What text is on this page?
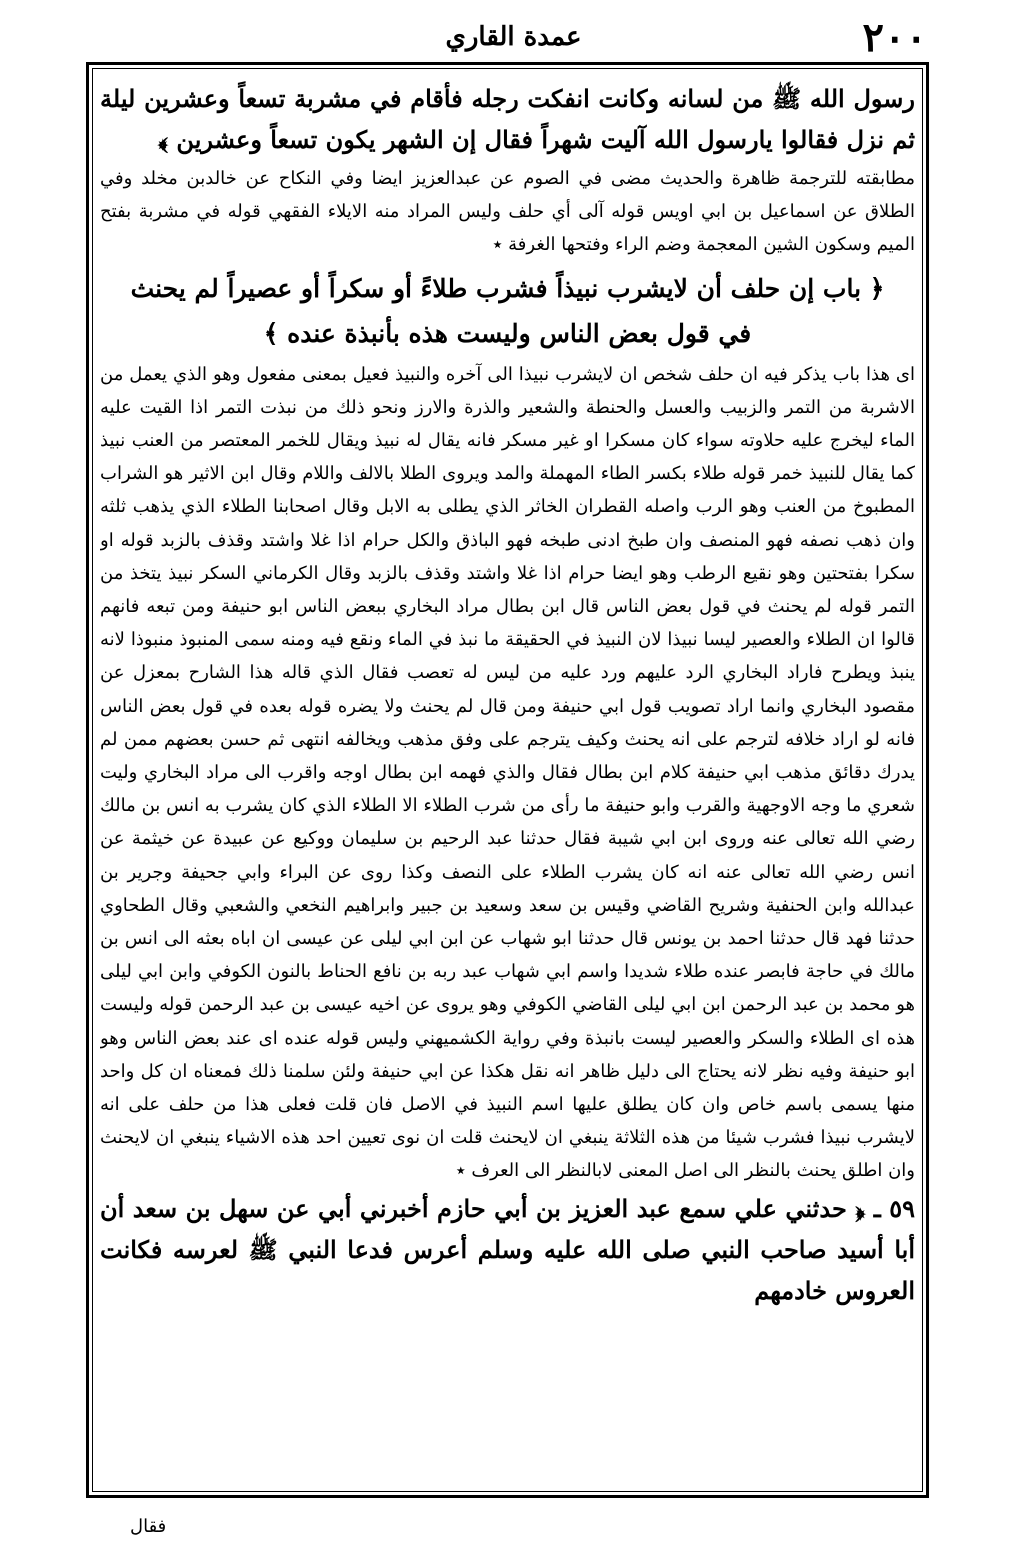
٢٠٠
عمدة القاري

رسول الله ﷺ من لسانه وكانت انفكت رجله فأقام في مشربة تسعاً وعشرين ليلة ثم نزل فقالوا يارسول الله آليت شهراً فقال إن الشهر يكون تسعاً وعشرين ﴾

مطابقته للترجمة ظاهرة والحديث مضى في الصوم عن عبدالعزيز ايضا وفي النكاح عن خالدبن مخلد وفي الطلاق عن اسماعيل بن ابي اويس قوله آلى أي حلف وليس المراد منه الايلاء الفقهي قوله في مشربة بفتح الميم وسكون الشين المعجمة وضم الراء وفتحها الغرفة ٭

﴿ باب إن حلف أن لايشرب نبيذاً فشرب طلاءً أو سكراً أو عصيراً لم يحنث
في قول بعض الناس وليست هذه بأنبذة عنده ﴾

اى هذا باب يذكر فيه ان حلف شخص ان لايشرب نبيذا الى آخره والنبيذ فعيل بمعنى مفعول وهو الذي يعمل من الاشربة من التمر والزبيب والعسل والحنطة والشعير والذرة والارز ونحو ذلك من نبذت التمر اذا القيت عليه الماء ليخرج عليه حلاوته سواء كان مسكرا او غير مسكر فانه يقال له نبيذ ويقال للخمر المعتصر من العنب نبيذ كما يقال للنبيذ خمر قوله طلاء بكسر الطاء المهملة والمد ويروى الطلا بالالف واللام وقال ابن الاثير هو الشراب المطبوخ من العنب وهو الرب واصله القطران الخاثر الذي يطلى به الابل وقال اصحابنا الطلاء الذي يذهب ثلثه وان ذهب نصفه فهو المنصف وان طبخ ادنى طبخه فهو الباذق والكل حرام اذا غلا واشتد وقذف بالزبد قوله او سكرا بفتحتين وهو نقيع الرطب وهو ايضا حرام اذا غلا واشتد وقذف بالزبد وقال الكرماني السكر نبيذ يتخذ من التمر قوله لم يحنث في قول بعض الناس قال ابن بطال مراد البخاري ببعض الناس ابو حنيفة ومن تبعه فانهم قالوا ان الطلاء والعصير ليسا نبيذا لان النبيذ في الحقيقة ما نبذ في الماء ونقع فيه ومنه سمى المنبوذ منبوذا لانه ينبذ ويطرح فاراد البخاري الرد عليهم ورد عليه من ليس له تعصب فقال الذي قاله هذا الشارح بمعزل عن مقصود البخاري وانما اراد تصويب قول ابي حنيفة ومن قال لم يحنث ولا يضره قوله بعده في قول بعض الناس فانه لو اراد خلافه لترجم على انه يحنث وكيف يترجم على وفق مذهب ويخالفه انتهى ثم حسن بعضهم ممن لم يدرك دقائق مذهب ابي حنيفة كلام ابن بطال فقال والذي فهمه ابن بطال اوجه واقرب الى مراد البخاري وليت شعري ما وجه الاوجهية والقرب وابو حنيفة ما رأى من شرب الطلاء الا الطلاء الذي كان يشرب به انس بن مالك رضي الله تعالى عنه وروى ابن ابي شيبة فقال حدثنا عبد الرحيم بن سليمان ووكيع عن عبيدة عن خيثمة عن انس رضي الله تعالى عنه انه كان يشرب الطلاء على النصف وكذا روى عن البراء وابي جحيفة وجرير بن عبدالله وابن الحنفية وشريح القاضي وقيس بن سعد وسعيد بن جبير وابراهيم النخعي والشعبي وقال الطحاوي حدثنا فهد قال حدثنا احمد بن يونس قال حدثنا ابو شهاب عن ابن ابي ليلى عن عيسى ان اباه بعثه الى انس بن مالك في حاجة فابصر عنده طلاء شديدا واسم ابي شهاب عبد ربه بن نافع الحناط بالنون الكوفي وابن ابي ليلى هو محمد بن عبد الرحمن ابن ابي ليلى القاضي الكوفي وهو يروى عن اخيه عيسى بن عبد الرحمن قوله وليست هذه اى الطلاء والسكر والعصير ليست بانبذة وفي رواية الكشميهني وليس قوله عنده اى عند بعض الناس وهو ابو حنيفة وفيه نظر لانه يحتاج الى دليل ظاهر انه نقل هكذا عن ابي حنيفة ولئن سلمنا ذلك فمعناه ان كل واحد منها يسمى باسم خاص وان كان يطلق عليها اسم النبيذ في الاصل فان قلت فعلى هذا من حلف على انه لايشرب نبيذا فشرب شيئا من هذه الثلاثة ينبغي ان لايحنث قلت ان نوى تعيين احد هذه الاشياء ينبغي ان لايحنث وان اطلق يحنث بالنظر الى اصل المعنى لابالنظر الى العرف ٭

٥٩ ـ ﴿ حدثني علي سمع عبد العزيز بن أبي حازم أخبرني أبي عن سهل بن سعد أن أبا أسيد صاحب النبي صلى الله عليه وسلم أعرس فدعا النبي ﷺ لعرسه فكانت العروس خادمهم

فقال
